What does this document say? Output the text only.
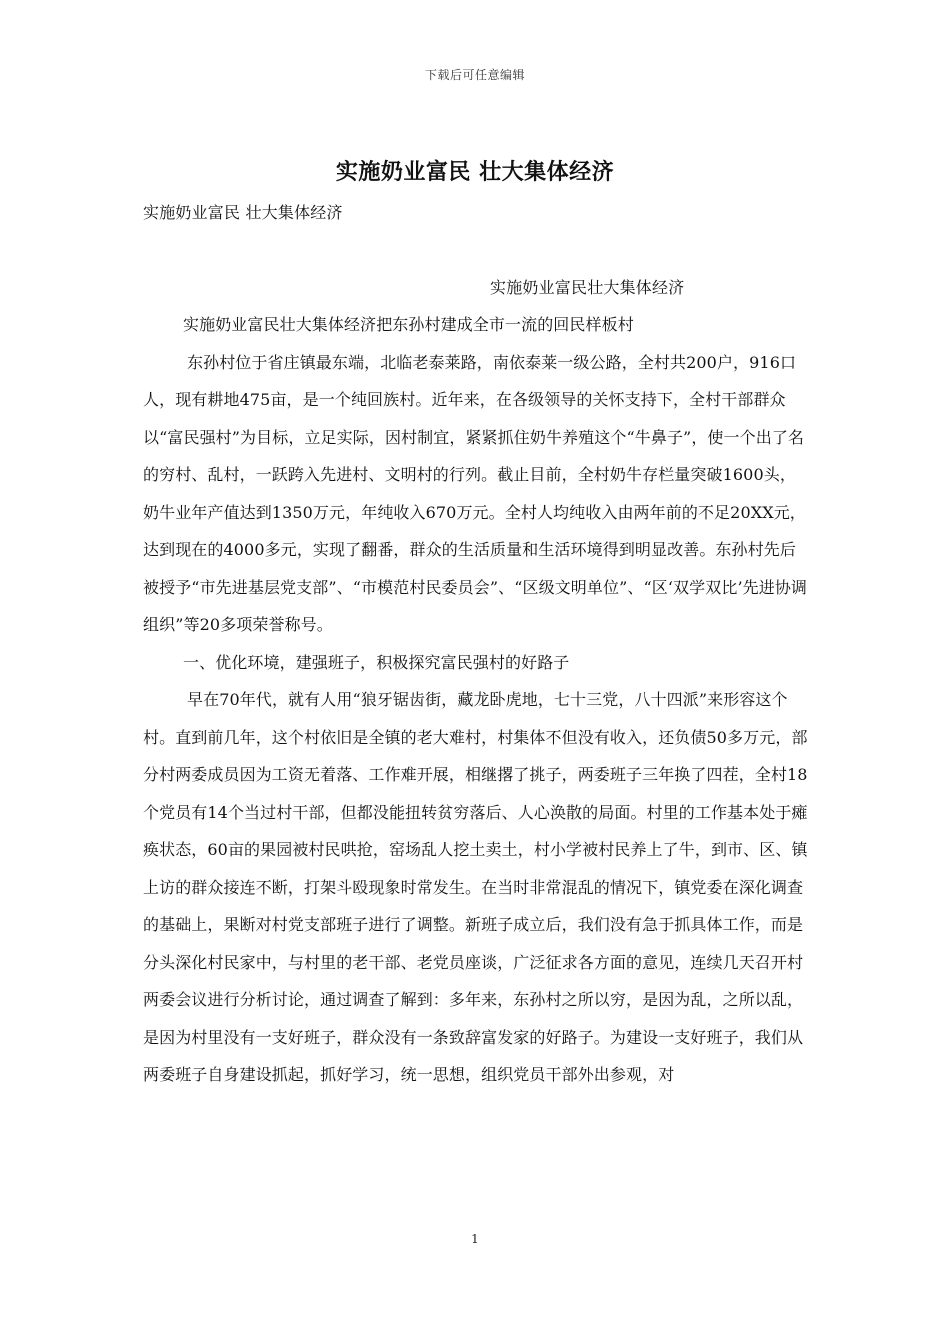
下载后可任意编辑
实施奶业富民 壮大集体经济
实施奶业富民 壮大集体经济
实施奶业富民壮大集体经济

实施奶业富民壮大集体经济把东孙村建成全市一流的回民样板村

东孙村位于省庄镇最东端，北临老泰莱路，南依泰莱一级公路，全村共200户，916口人，现有耕地475亩，是一个纯回族村。近年来，在各级领导的关怀支持下，全村干部群众以“富民强村”为目标，立足实际，因村制宜，紧紧抓住奶牛养殖这个“牛鼻子”，使一个出了名的穷村、乱村，一跃跨入先进村、文明村的行列。截止目前，全村奶牛存栏量突破1600头，奶牛业年产值达到1350万元，年纯收入670万元。全村人均纯收入由两年前的不足20XX元，达到现在的4000多元，实现了翻番，群众的生活质量和生活环境得到明显改善。东孙村先后被授予“市先进基层党支部”、“市模范村民委员会”、“区级文明单位”、“区‘双学双比’先进协调组织”等20多项荣誉称号。

一、优化环境，建强班子，积极探究富民强村的好路子

早在70年代，就有人用“狼牙锯齿街，藏龙卧虎地，七十三党，八十四派”来形容这个村。直到前几年，这个村依旧是全镇的老大难村，村集体不但没有收入，还负债50多万元，部分村两委成员因为工资无着落、工作难开展，相继撂了挑子，两委班子三年换了四茬，全村18个党员有14个当过村干部，但都没能扭转贫穷落后、人心涣散的局面。村里的工作基本处于瘫痪状态，60亩的果园被村民哄抢，窑场乱人挖土卖土，村小学被村民养上了牛，到市、区、镇上访的群众接连不断，打架斗殴现象时常发生。在当时非常混乱的情况下，镇党委在深化调查的基础上，果断对村党支部班子进行了调整。新班子成立后，我们没有急于抓具体工作，而是分头深化村民家中，与村里的老干部、老党员座谈，广泛征求各方面的意见，连续几天召开村两委会议进行分析讨论，通过调查了解到：多年来，东孙村之所以穷，是因为乱，之所以乱，是因为村里没有一支好班子，群众没有一条致辞富发家的好路子。为建设一支好班子，我们从两委班子自身建设抓起，抓好学习，统一思想，组织党员干部外出参观，对

1
